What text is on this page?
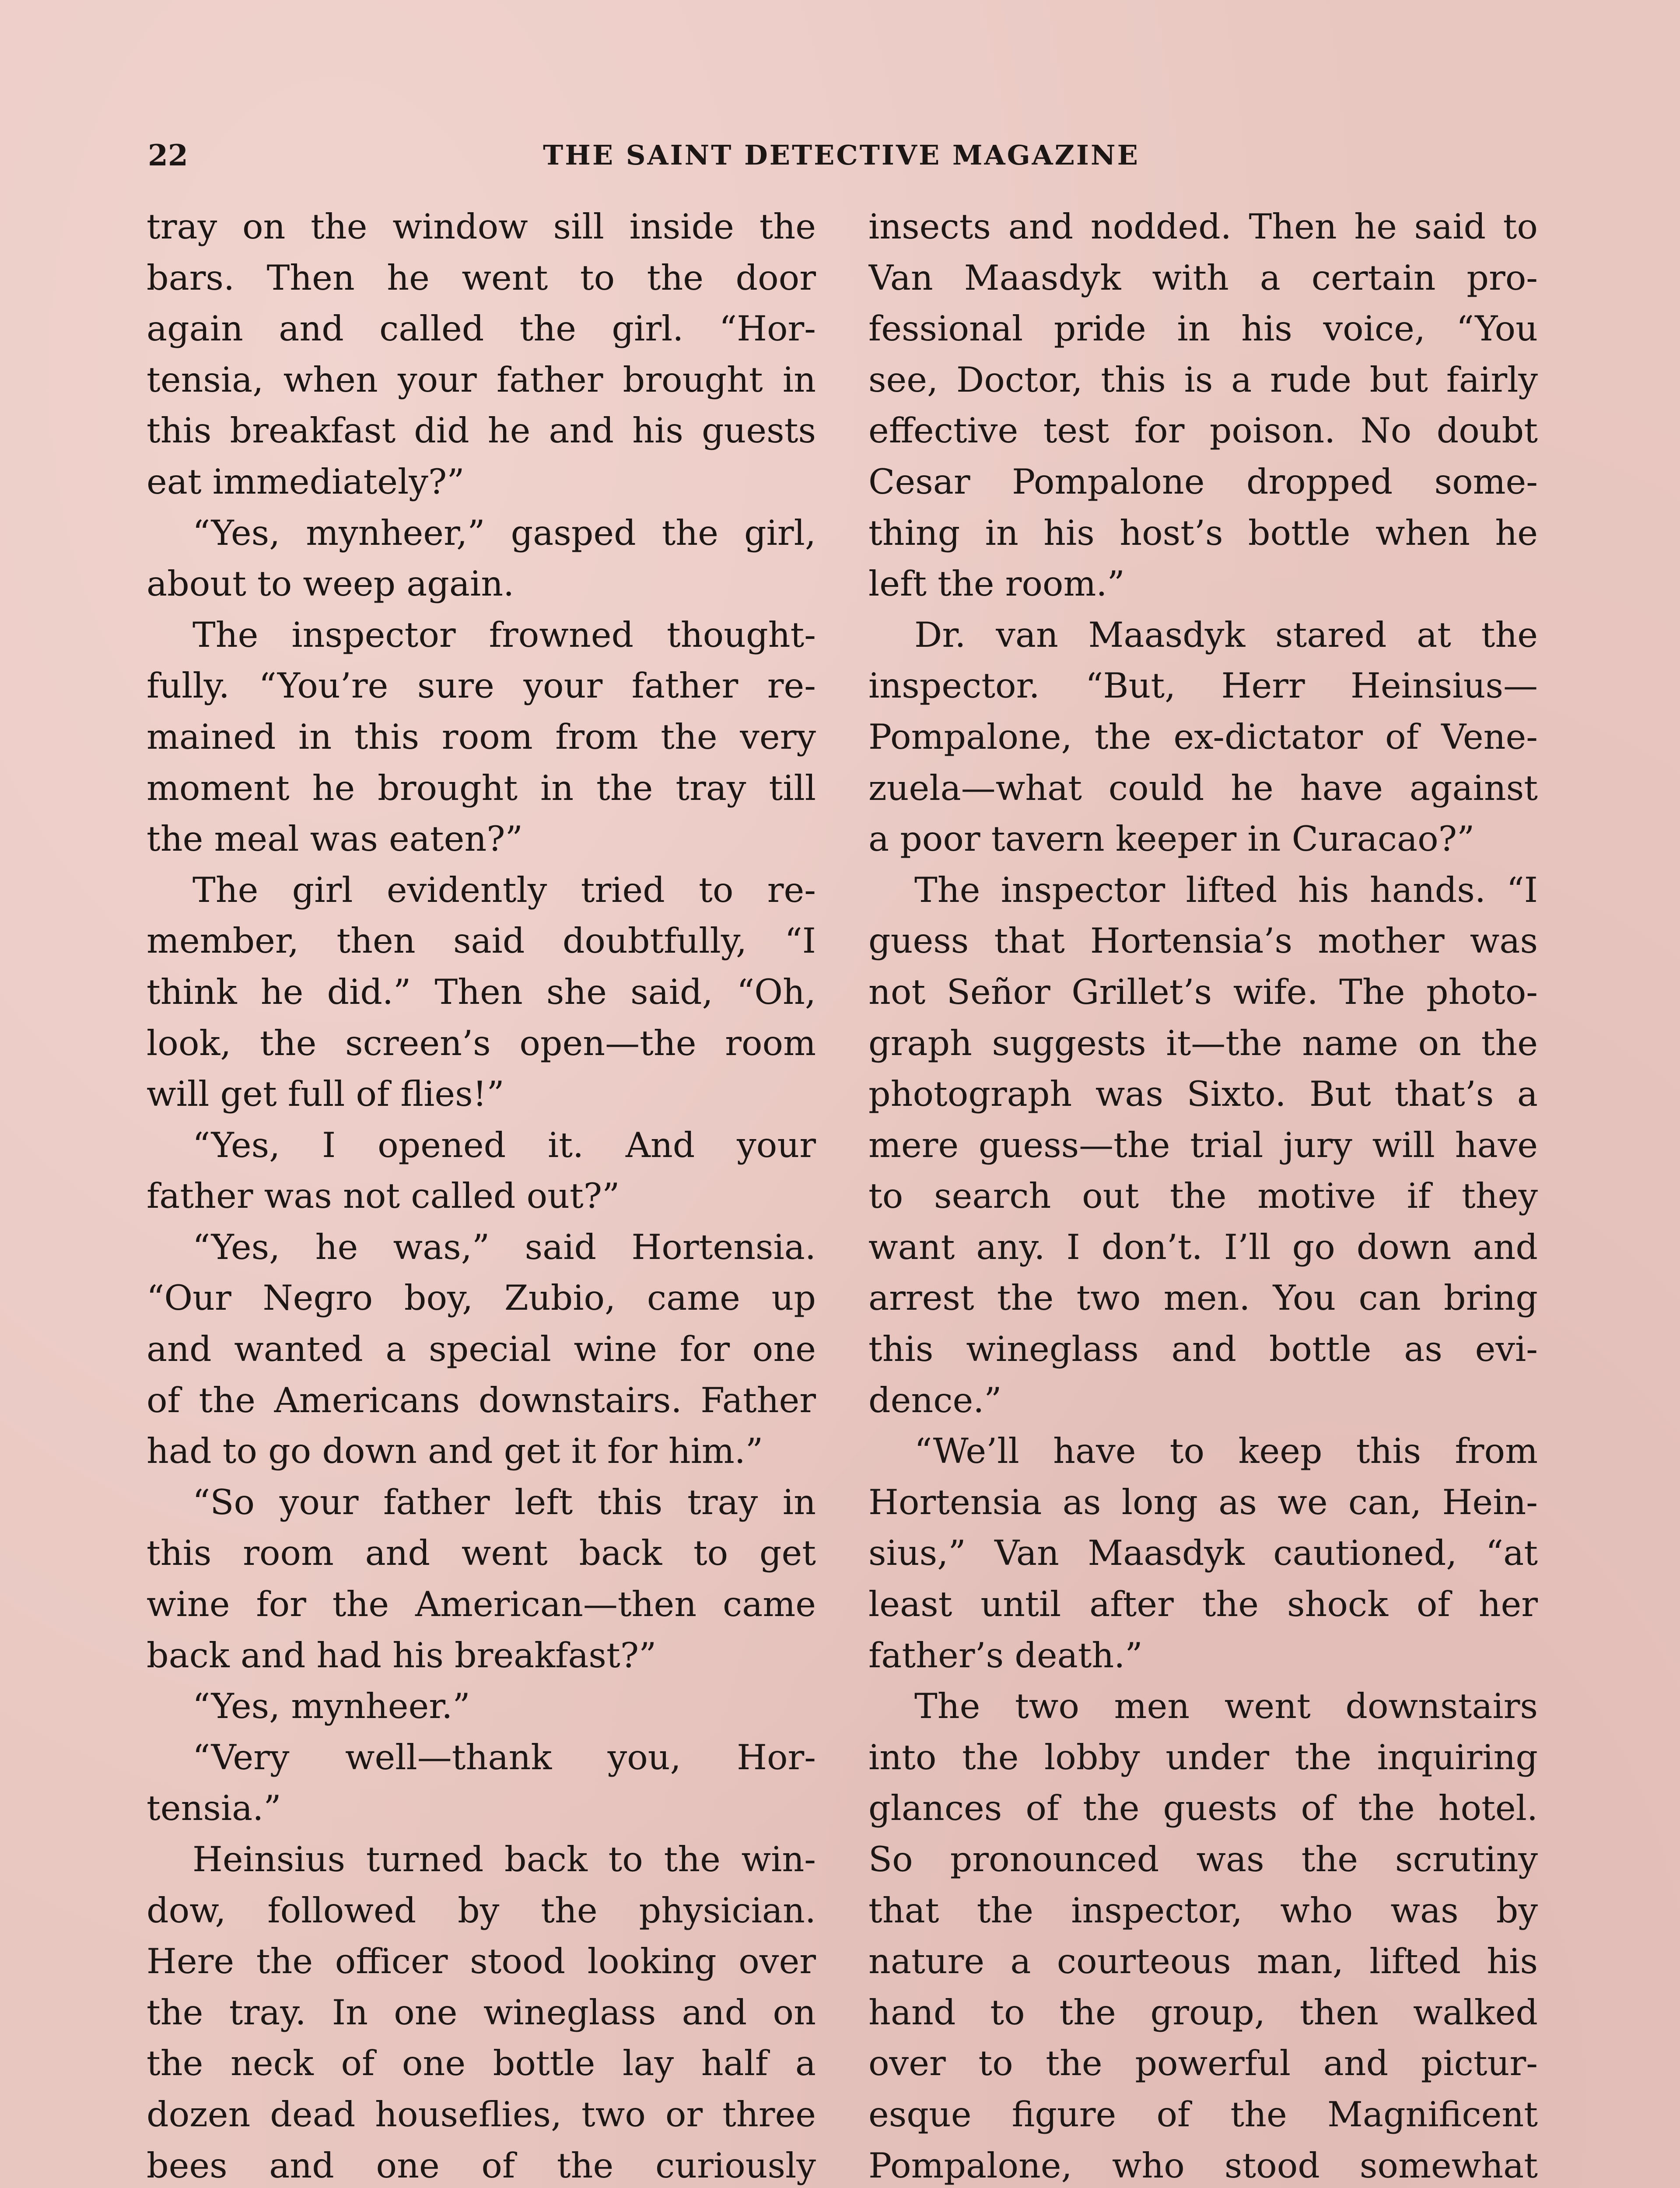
22	THE SAINT DETECTIVE MAGAZINE
tray on the window sill inside the
bars. Then he went to the door
again and called the girl. “Hor-
tensia, when your father brought in
this breakfast did he and his guests
eat immediately?”
“Yes, mynheer,” gasped the girl,
about to weep again.
The inspector frowned thought-
fully. “You’re sure your father re-
mained in this room from the very
moment he brought in the tray till
the meal was eaten?”
The girl evidently tried to re-
member, then said doubtfully, “I
think he did.” Then she said, “Oh,
look, the screen’s open—the room
will get full of flies!”
“Yes, I opened it. And your
father was not called out?”
“Yes, he was,” said Hortensia.
“Our Negro boy, Zubio, came up
and wanted a special wine for one
of the Americans downstairs. Father
had to go down and get it for him.”
“So your father left this tray in
this room and went back to get
wine for the American—then came
back and had his breakfast?”
“Yes, mynheer.”
“Very well—thank you, Hor-
tensia.”
Heinsius turned back to the win-
dow, followed by the physician.
Here the officer stood looking over
the tray. In one wineglass and on
the neck of one bottle lay half a
dozen dead houseflies, two or three
bees and one of the curiously
insects and nodded. Then he said to
Van Maasdyk with a certain pro-
fessional pride in his voice, “You
see, Doctor, this is a rude but fairly
effective test for poison. No doubt
Cesar Pompalone dropped some-
thing in his host’s bottle when he
left the room.”
Dr. van Maasdyk stared at the
inspector. “But, Herr Heinsius—
Pompalone, the ex-dictator of Vene-
zuela—what could he have against
a poor tavern keeper in Curacao?”
The inspector lifted his hands. “I
guess that Hortensia’s mother was
not Señor Grillet’s wife. The photo-
graph suggests it—the name on the
photograph was Sixto. But that’s a
mere guess—the trial jury will have
to search out the motive if they
want any. I don’t. I’ll go down and
arrest the two men. You can bring
this wineglass and bottle as evi-
dence.”
“We’ll have to keep this from
Hortensia as long as we can, Hein-
sius,” Van Maasdyk cautioned, “at
least until after the shock of her
father’s death.”
The two men went downstairs
into the lobby under the inquiring
glances of the guests of the hotel.
So pronounced was the scrutiny
that the inspector, who was by
nature a courteous man, lifted his
hand to the group, then walked
over to the powerful and pictur-
esque figure of the Magnificent
Pompalone, who stood somewhat
